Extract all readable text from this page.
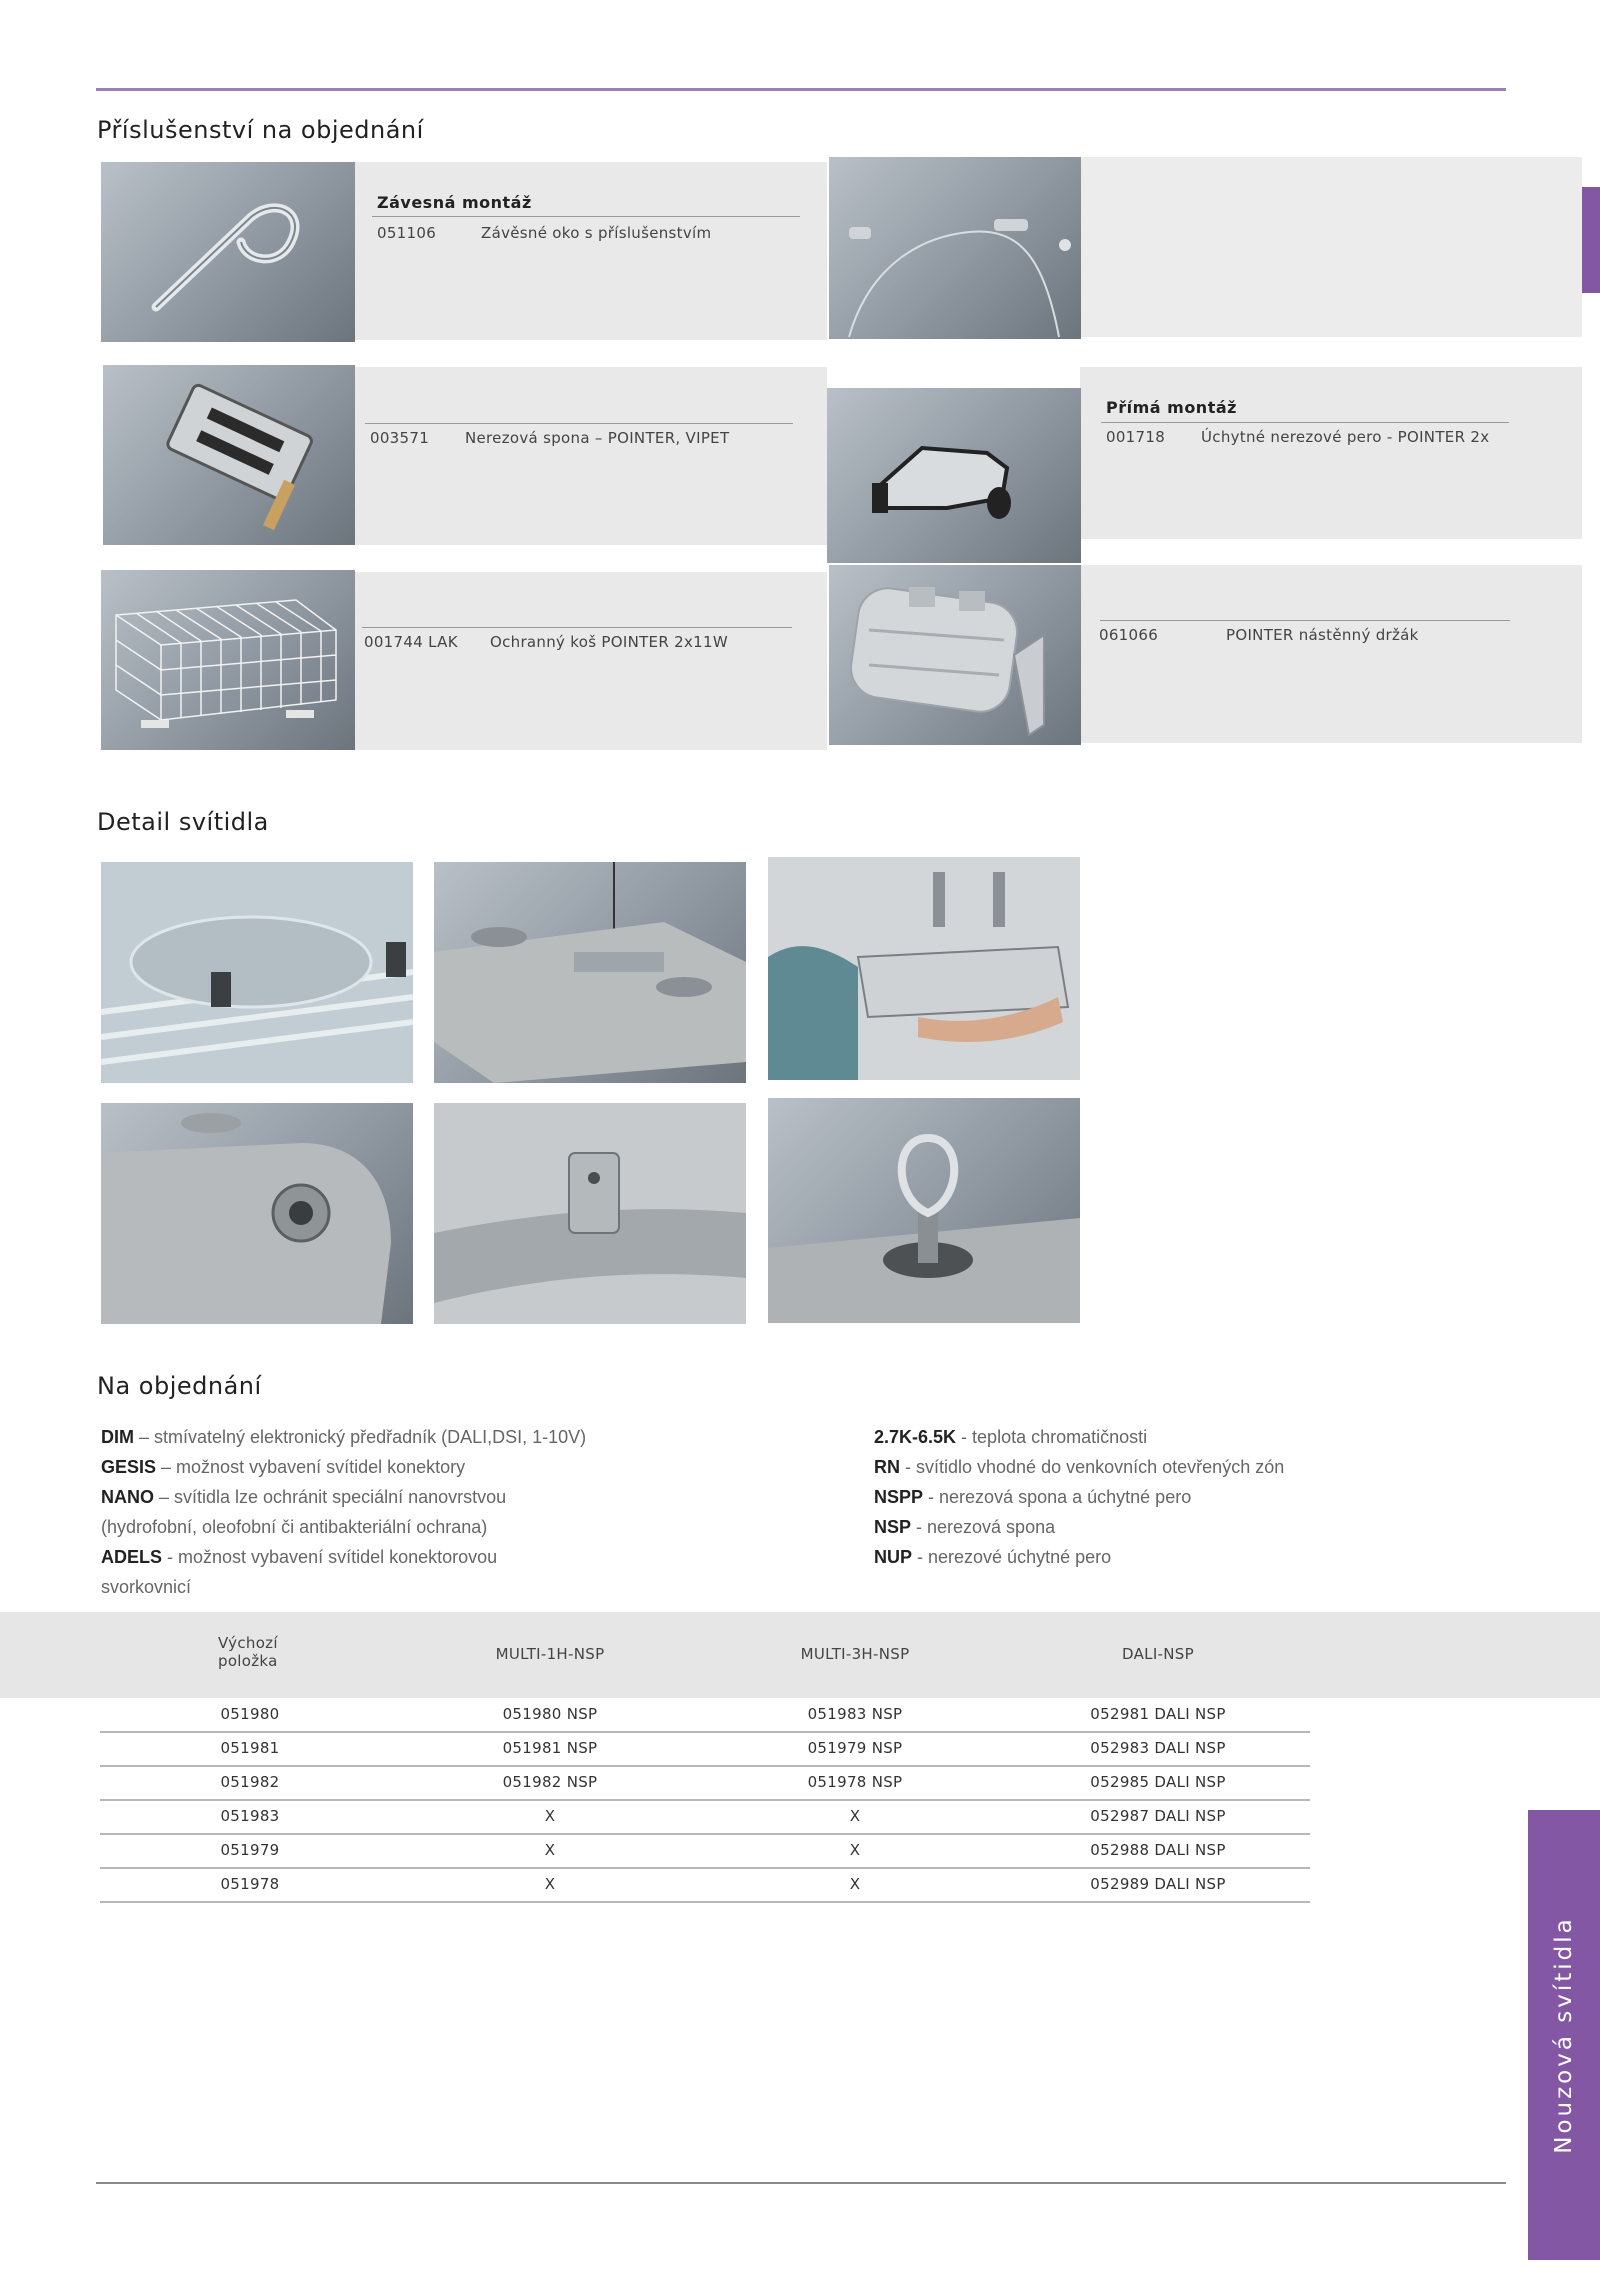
Nouzová svítidla
Příslušenství na objednání
Závesná montáž
051106	Závěsné oko s příslušenstvím
003571 Nerezová spona – POINTER, VIPET
Přímá montáž
001718 Úchytné nerezové pero - POINTER 2x
001744 LAK Ochranný koš POINTER 2x11W	061066	POINTER nástěnný držák
Detail svítidla
Na objednání

DIM – stmívatelný elektronický předřadník (DALI,DSI, 1-10V)

GESIS – možnost vybavení svítidel konektory

NANO – svítidla lze ochránit speciální nanovrstvou

(hydrofobní, oleofobní či antibakteriální ochrana)

ADELS - možnost vybavení svítidel konektorovou

svorkovnicí

2.7K-6.5K - teplota chromatičnosti

RN - svítidlo vhodné do venkovních otevřených zón

NSPP - nerezová spona a úchytné pero

NSP - nerezová spona

NUP - nerezové úchytné pero

Výchozí
položka	MULTI-1H-NSP	MULTI-3H-NSP	DALI-NSP
051980	051980 NSP	051983 NSP	052981 DALI NSP
051981	051981 NSP	051979 NSP	052983 DALI NSP
051982	051982 NSP	051978 NSP	052985 DALI NSP
051983	X	X	052987 DALI NSP
051979	X	X	052988 DALI NSP
051978	X	X	052989 DALI NSP
